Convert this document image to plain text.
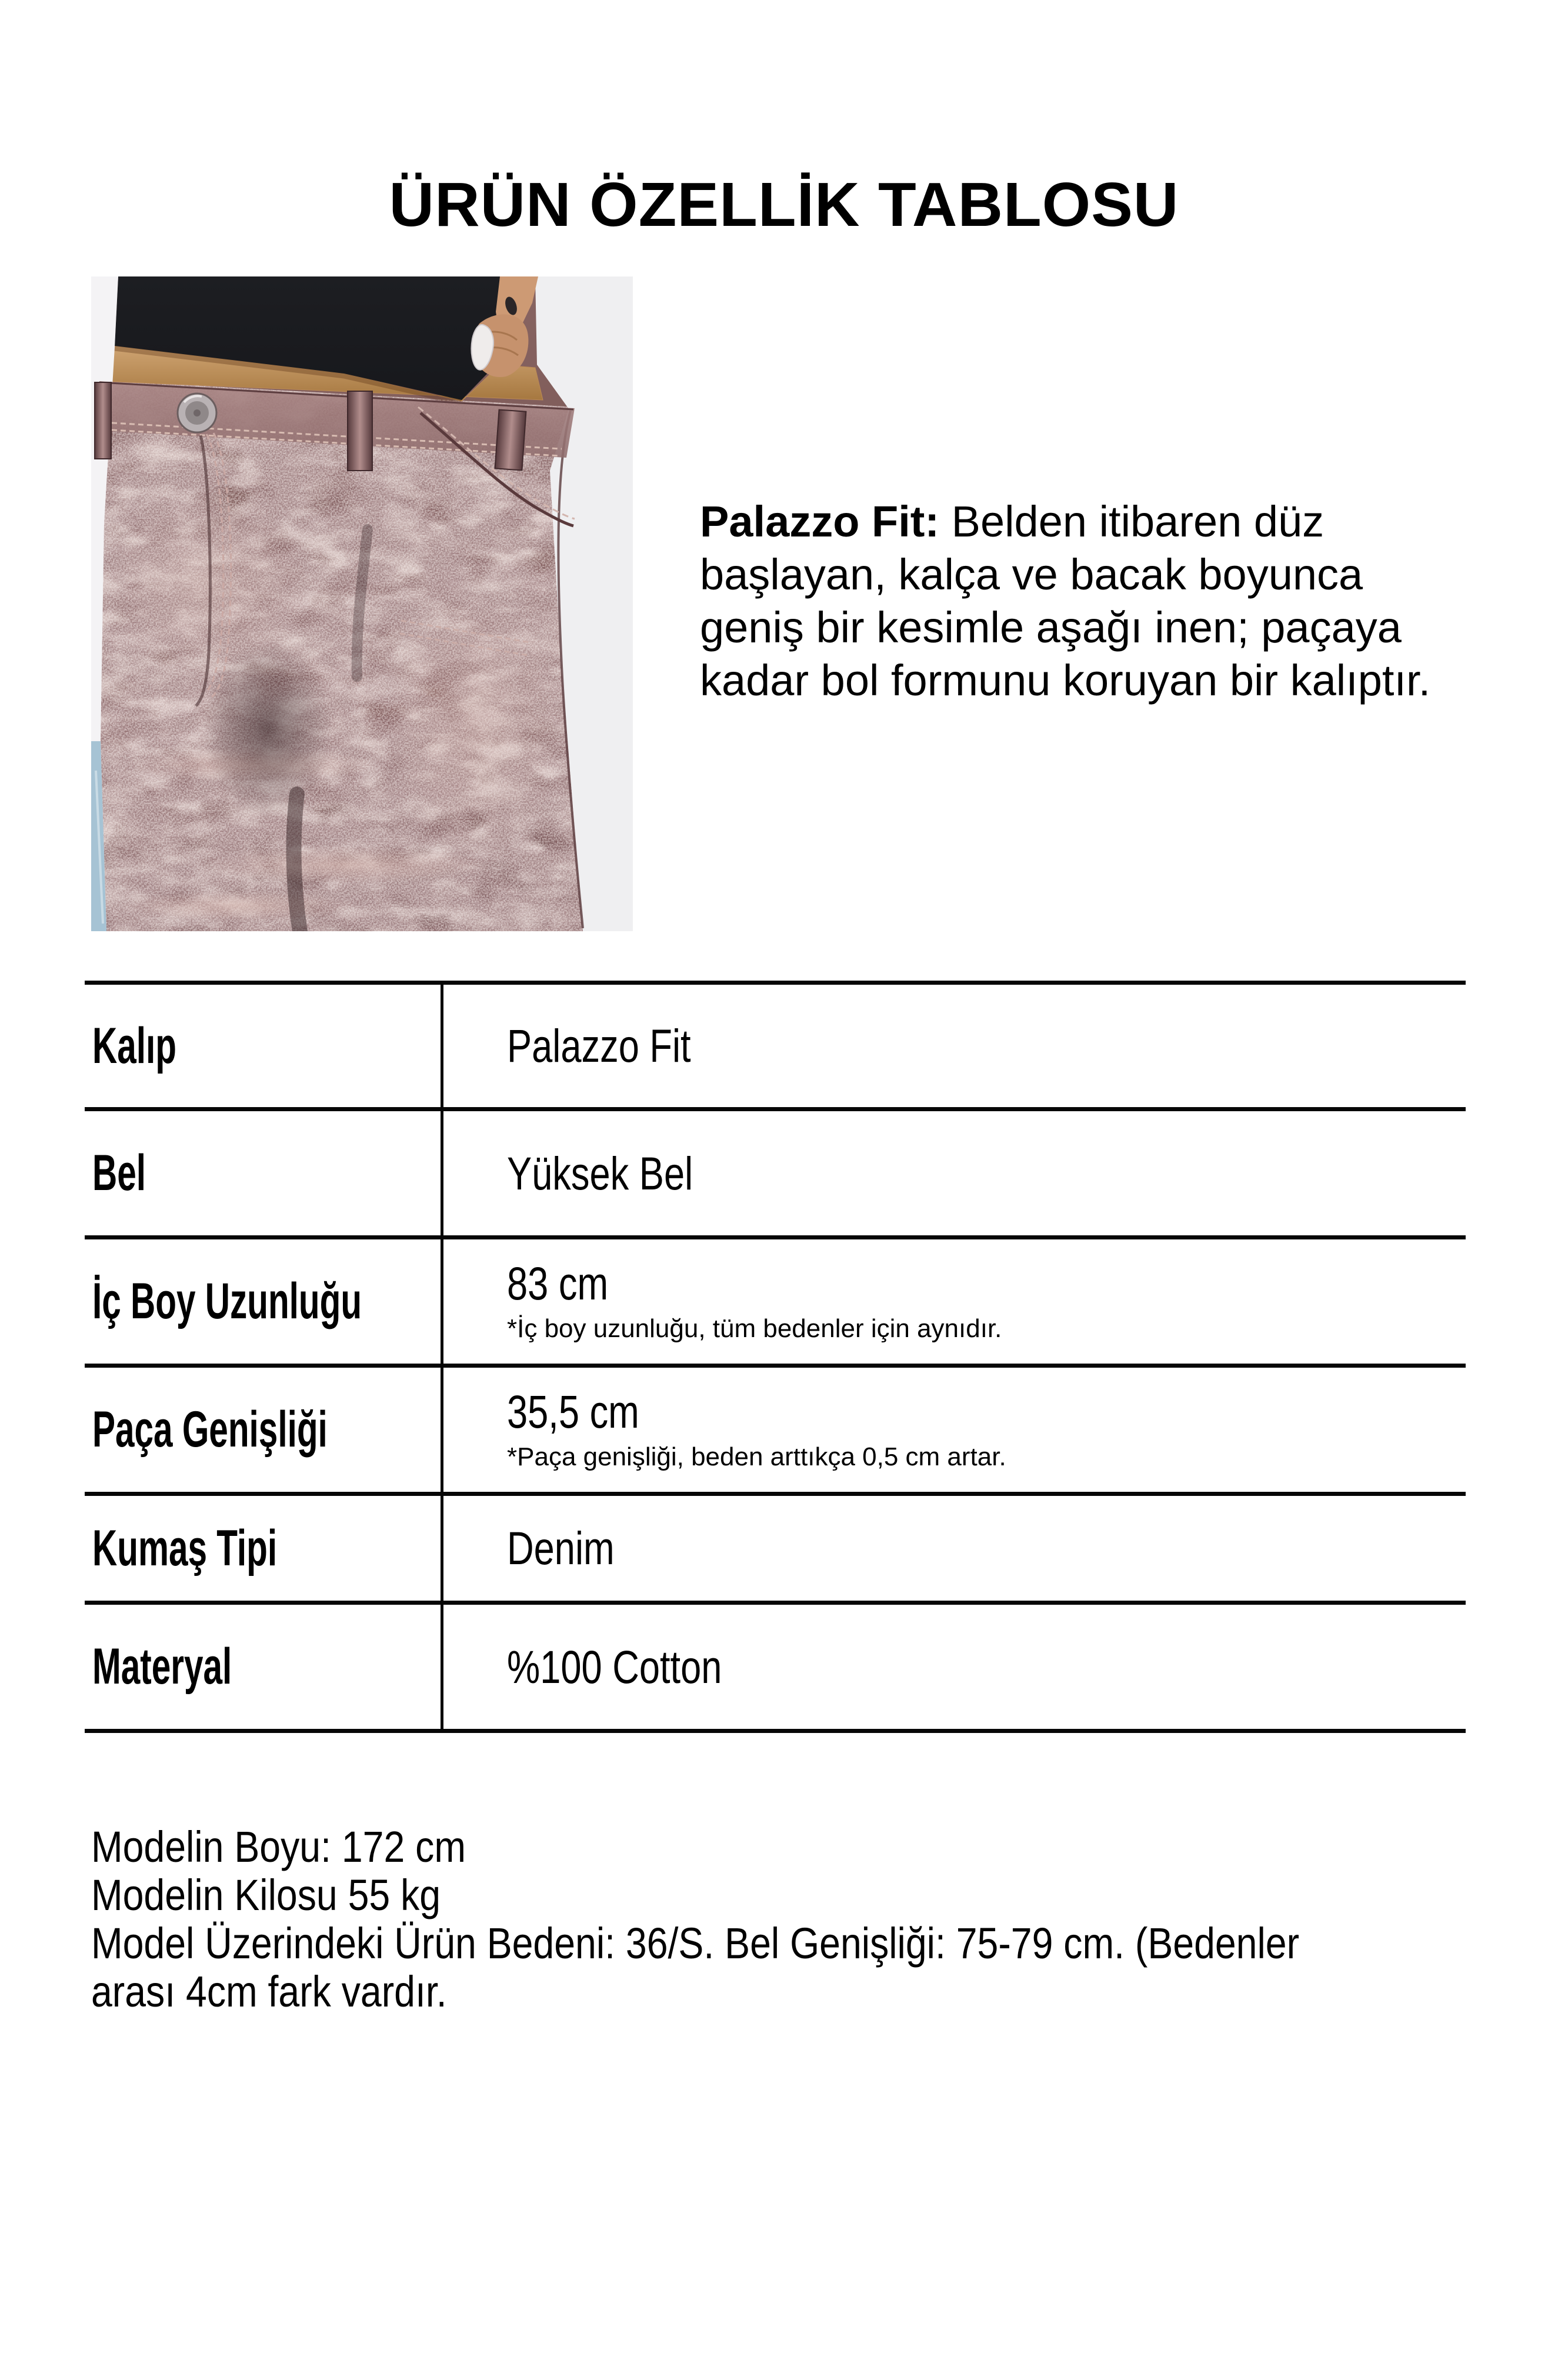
ÜRÜN ÖZELLİK TABLOSU
Palazzo Fit: Belden itibaren düz
başlayan, kalça ve bacak boyunca
geniş bir kesimle aşağı inen; paçaya
kadar bol formunu koruyan bir kalıptır.
Kalıp	Palazzo Fit
Bel	Yüksek Bel
İç Boy Uzunluğu	83 cm
*İç boy uzunluğu, tüm bedenler için aynıdır.
Paça Genişliği	35,5 cm
*Paça genişliği, beden arttıkça 0,5 cm artar.
Kumaş Tipi	Denim
Materyal	%100 Cotton
Modelin Boyu: 172 cm
Modelin Kilosu 55 kg
Model Üzerindeki Ürün Bedeni: 36/S. Bel Genişliği: 75-79 cm. (Bedenler
arası 4cm fark vardır.
